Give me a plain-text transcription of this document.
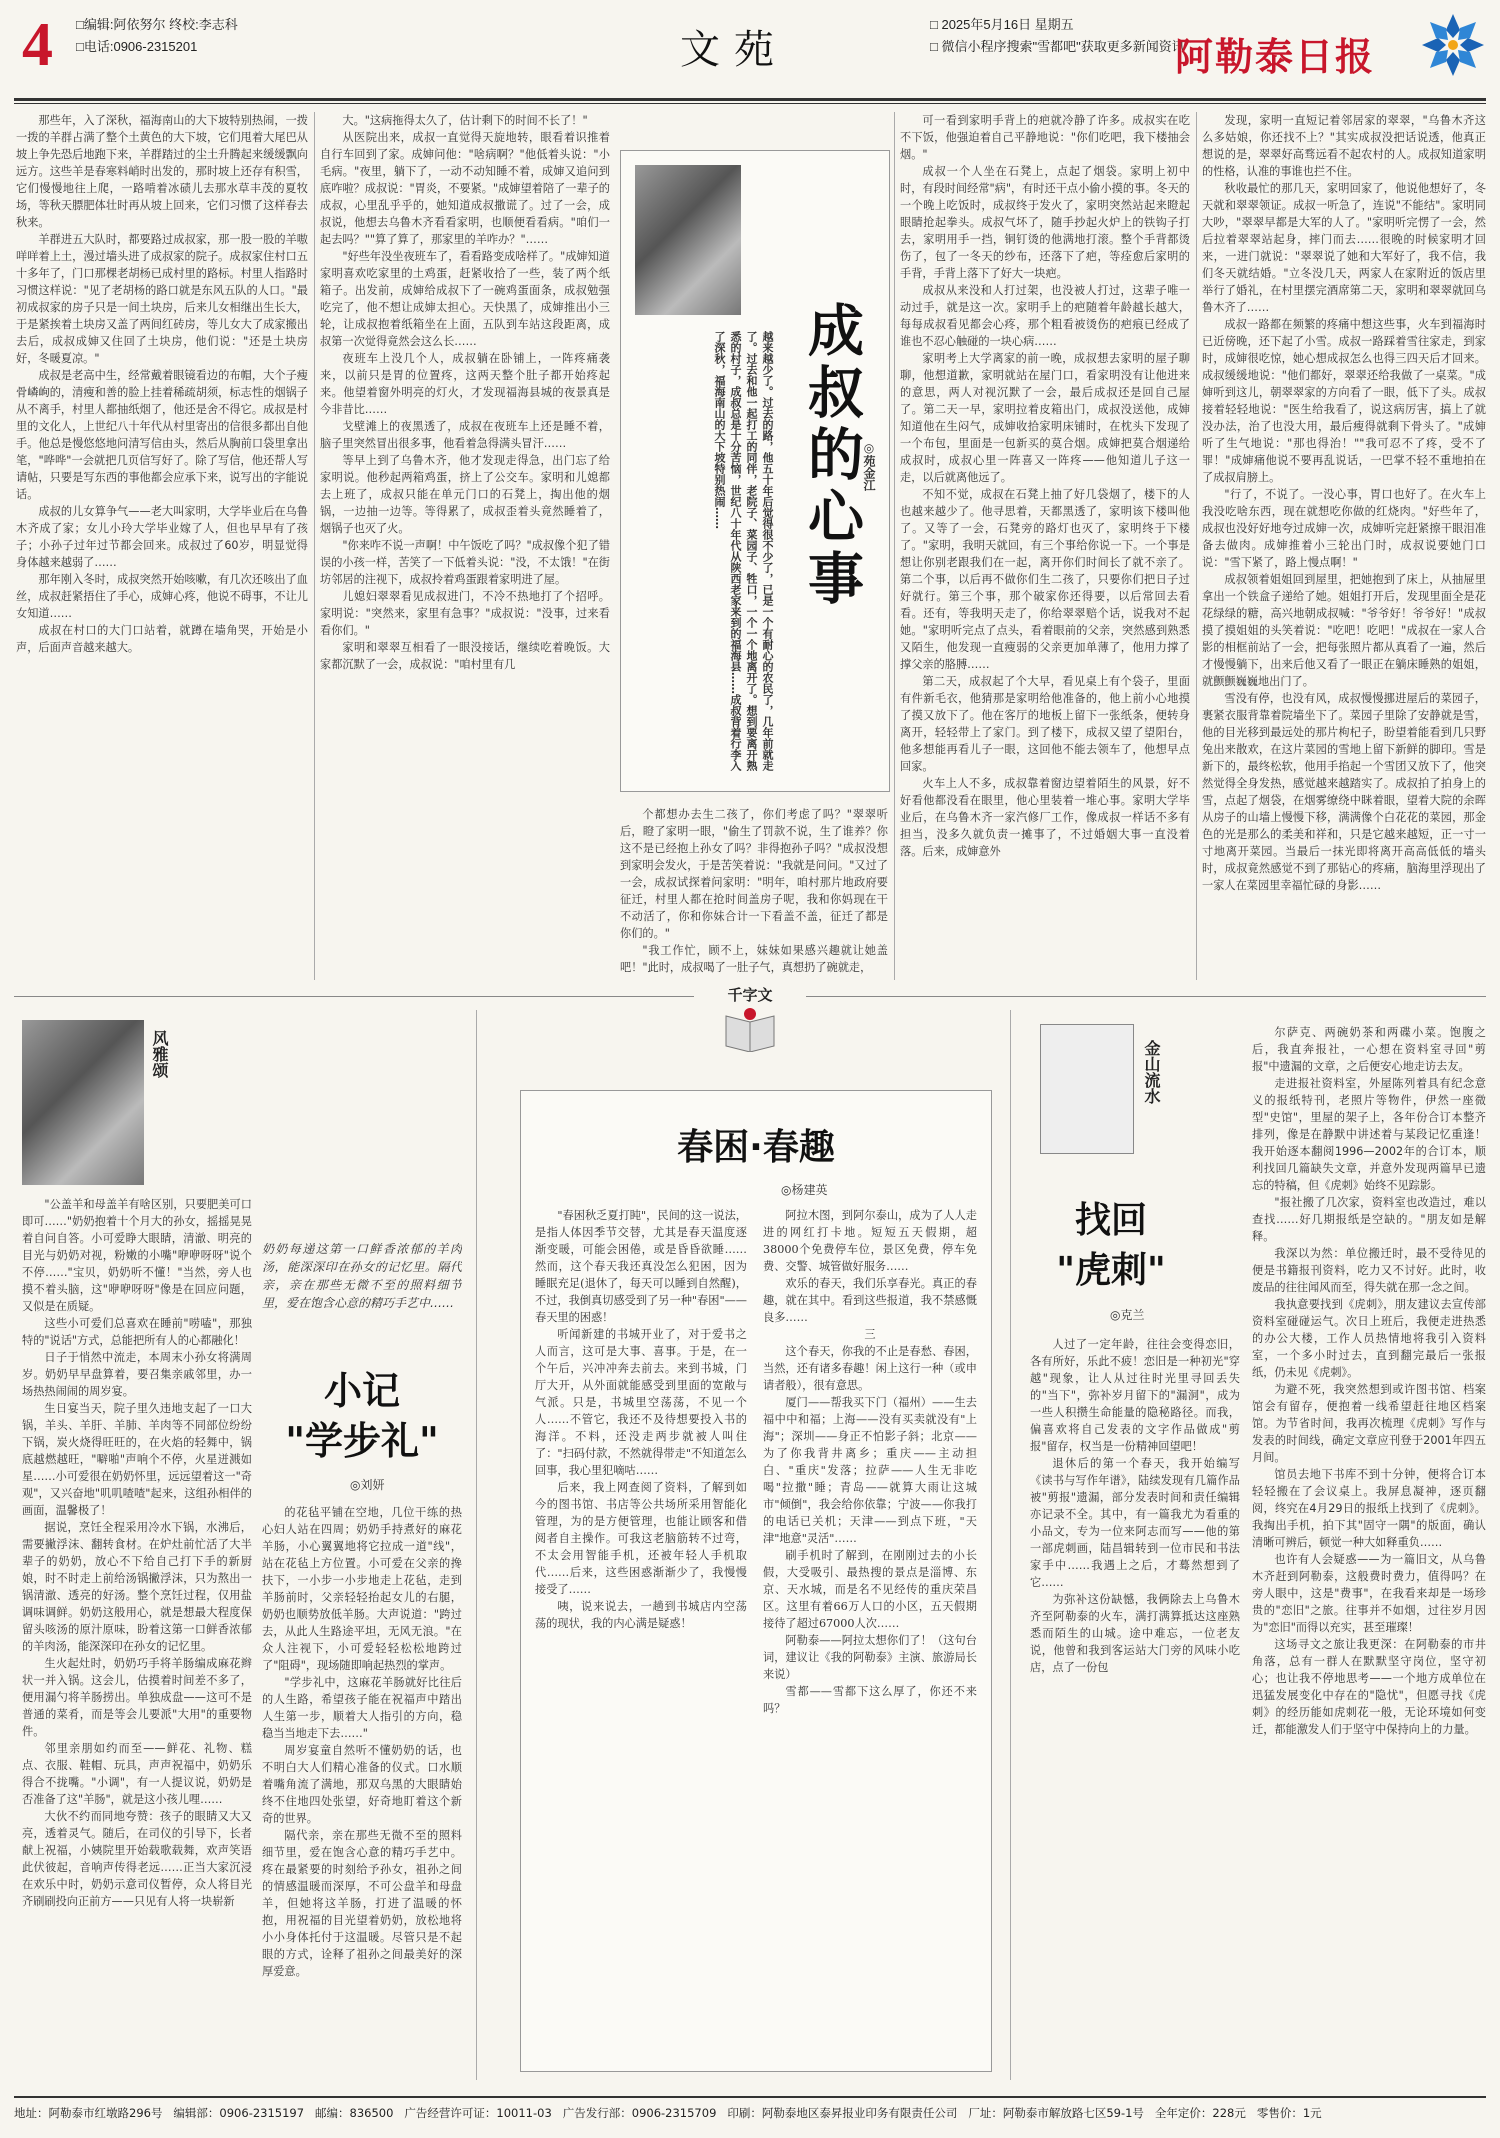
4 □编辑:阿依努尔 终校:李志科
□电话:0906-2315201	文苑
□ 2025年5月16日 星期五
□ 微信小程序搜索"雪都吧"获取更多新闻资讯
阿勒泰日报

那些年，入了深秋，福海南山的大下坡特别热闹，一拨一拨的羊群占满了整个土黄色的大下坡，它们甩着大尾巴从坡上争先恐后地跑下来，羊群踏过的尘土升腾起来缓缓飘向远方。这些羊是春寒料峭时出发的，那时坡上还存有积雪，它们慢慢地往上爬，一路啃着冰碛儿去那水草丰茂的夏牧场，等秋天膘肥体壮时再从坡上回来，它们习惯了这样春去秋来。

羊群进五大队时，都要路过成叔家，那一股一股的羊嗷咩咩着上土，漫过墙头进了成叔家的院子。成叔家住村口五十多年了，门口那棵老胡杨已成村里的路标。村里人指路时习惯这样说："见了老胡杨的路口就是东风五队的人口。"最初成叔家的房子只是一间土块房，后来儿女相继出生长大，于是紧挨着土块房又盖了两间红砖房，等儿女大了成家搬出去后，成叔成婶又住回了土块房，他们说："还是土块房好，冬暖夏凉。"

成叔是老高中生，经常戴着眼镜看边的布帽，大个子瘦骨嶙峋的，清瘦和善的脸上挂着稀疏胡须，标志性的烟锅子从不离手，村里人都抽纸烟了，他还是舍不得它。成叔是村里的文化人，上世纪八十年代从村里寄出的信很多都出自他手。他总是慢悠悠地问清写信由头，然后从胸前口袋里拿出笔，"哗哗"一会就把几页信写好了。除了写信，他还帮人写请帖，只要是写东西的事他都会应承下来，说写出的字能说话。

成叔的儿女算争气——老大叫家明，大学毕业后在乌鲁木齐成了家；女儿小玲大学毕业嫁了人，但也早早有了孩子；小孙子过年过节都会回来。成叔过了60岁，明显觉得身体越来越弱了……

那年刚入冬时，成叔突然开始咳嗽，有几次还咳出了血丝，成叔赶紧捂住了手心，成婶心疼，他说不碍事，不让儿女知道……

成叔在村口的大门口站着，就蹲在墙角哭，开始是小声，后面声音越来越大。

大。"这病拖得太久了，估计剩下的时间不长了！"

从医院出来，成叔一直觉得天旋地转，眼看着识推着自行车回到了家。成婶问他："啥病啊？"他低着头说："小毛病。"夜里，躺下了，一动不动知睡不着，成婶又追问到底咋啦？成叔说："胃炎，不要紧。"成婶望着陪了一辈子的成叔，心里乱乎乎的，她知道成叔撒谎了。过了一会，成叔说，他想去乌鲁木齐看看家明，也顺便看看病。"咱们一起去吗？""算了算了，那家里的羊咋办？"……

"好些年没坐夜班车了，看看路变成啥样了。"成婶知道家明喜欢吃家里的土鸡蛋，赶紧收拾了一些，装了两个纸箱子。出发前，成婶给成叔下了一碗鸡蛋面条，成叔勉强吃完了，他不想让成婶太担心。天快黑了，成婶推出小三轮，让成叔抱着纸箱坐在上面，五队到车站这段距离，成叔第一次觉得竟然会这么长……

夜班车上没几个人，成叔躺在卧铺上，一阵疼痛袭来，以前只是胃的位置疼，这两天整个肚子都开始疼起来。他望着窗外明亮的灯火，才发现福海县城的夜景真是今非昔比……

戈壁滩上的夜黑透了，成叔在夜班车上还是睡不着，脑子里突然冒出很多事，他看着急得满头冒汗……

等早上到了乌鲁木齐，他才发现走得急，出门忘了给家明说。他秒起两箱鸡蛋，挤上了公交车。家明和儿媳都去上班了，成叔只能在单元门口的石凳上，掏出他的烟锅，一边抽一边等。等得累了，成叔歪着头竟然睡着了，烟锅子也灭了火。

"你来咋不说一声啊！中午饭吃了吗？"成叔像个犯了错误的小孩一样，苦笑了一下低着头说："没，不太饿！"在街坊邻居的注视下，成叔拎着鸡蛋跟着家明进了屋。

儿媳妇翠翠看见成叔进门，不冷不热地打了个招呼。家明说："突然来，家里有急事？"成叔说："没事，过来看看你们。"

家明和翠翠互相看了一眼没接话，继续吃着晚饭。大家都沉默了一会，成叔说："咱村里有几

成叔的心事
◎苑金江
越来越少了。过去的路，他五十年后觉得很不少了，已是一个有耐心的农民了，几年前就走了。过去和他一起打工的同伴，老院子、菜园子、牲口，一个一个地离开了。想到要离开熟悉的村子，成叔总是十分苦恼，世纪八十年代从陕西老家来到的福海县……成叔背着行李入了深秋，福海南山的大下坡特别热闹……

个都想办去生二孩了，你们考虑了吗？"翠翠听后，瞪了家明一眼，"偷生了罚款不说，生了谁养？你这不是已经抱上孙女了吗？非得抱孙子吗？"成叔没想到家明会发火，于是苦笑着说："我就是问问。"又过了一会，成叔试探着问家明："明年，咱村那片地政府要征迁，村里人都在抢时间盖房子呢，我和你妈现在干不动活了，你和你妹合计一下看盖不盖，征迁了都是你们的。"

"我工作忙，顾不上，妹妹如果感兴趣就让她盖吧！"此时，成叔喝了一肚子气，真想扔了碗就走，

可一看到家明手背上的疤就冷静了许多。成叔实在吃不下饭，他强迫着自己平静地说："你们吃吧，我下楼抽会烟。"

成叔一个人坐在石凳上，点起了烟袋。家明上初中时，有段时间经常"病"，有时还干点小偷小摸的事。冬天的一个晚上吃饭时，成叔终于发火了，家明突然站起来瞪起眼睛抢起拳头。成叔气坏了，随手抄起火炉上的铁钩子打去，家明用手一挡，铜钉烫的他满地打滚。整个手背都烫伤了，包了一冬天的纱布，还落下了疤，等痊愈后家明的手背，手背上落下了好大一块疤。

成叔从来没和人打过架，也没被人打过，这辈子唯一动过手，就是这一次。家明手上的疤随着年龄越长越大，每每成叔看见都会心疼，那个粗看被烫伤的疤痕已经成了谁也不忍心触碰的一块心病……

家明考上大学离家的前一晚，成叔想去家明的屋子聊聊，他想道歉，家明就站在屋门口，看家明没有让他进来的意思，两人对视沉默了一会，最后成叔还是回自己屋了。第二天一早，家明拉着皮箱出门，成叔没送他，成婶知道他在生闷气，成婶收拾家明床铺时，在枕头下发现了一个布包，里面是一包新买的莫合烟。成婶把莫合烟递给成叔时，成叔心里一阵喜又一阵疼——他知道儿子这一走，以后就离他远了。

不知不觉，成叔在石凳上抽了好几袋烟了，楼下的人也越来越少了。他寻思着，天都黑透了，家明该下楼叫他了。又等了一会，石凳旁的路灯也灭了，家明终于下楼了。"家明，我明天就回，有三个事给你说一下。一个事是想让你别老跟我们在一起，离开你们时间长了就不亲了。第二个事，以后再不做你们生二孩了，只要你们把日子过好就行。第三个事，那个破家你还得要，以后常回去看看。还有，等我明天走了，你给翠翠赔个话，说我对不起她。"家明听完点了点头，看着眼前的父亲，突然感到熟悉又陌生，他发现一直瘦弱的父亲更加单薄了，他用力撑了撑父亲的胳膊……

第二天，成叔起了个大早，看见桌上有个袋子，里面有件新毛衣，他猜那是家明给他准备的，他上前小心地摸了摸又放下了。他在客厅的地板上留下一张纸条，便转身离开，轻轻带上了家门。到了楼下，成叔又望了望阳台，他多想能再看儿子一眼，这回他不能去领车了，他想早点回家。

火车上人不多，成叔靠着窗边望着陌生的风景，好不好看他都没看在眼里，他心里装着一堆心事。家明大学毕业后，在乌鲁木齐一家汽修厂工作，像成叔一样话不多有担当，没多久就负责一摊事了，不过婚姻大事一直没着落。后来，成婶意外

发现，家明一直短记着邻居家的翠翠，"乌鲁木齐这么多姑娘，你还找不上？"其实成叔没把话说透，他真正想说的是，翠翠好高骛远看不起农村的人。成叔知道家明的性格，认准的事谁也拦不住。

秋收最忙的那几天，家明回家了，他说他想好了，冬天就和翠翠领证。成叔一听急了，连说"不能结"。家明同大吵，"翠翠早都是大军的人了。"家明听完愣了一会，然后拉着翠翠站起身，摔门而去……很晚的时候家明才回来，一进门就说："翠翠说了她和大军好了，我不信，我们冬天就结婚。"立冬没几天，两家人在家附近的饭店里举行了婚礼，在村里摆完酒席第二天，家明和翠翠就回乌鲁木齐了……

成叔一路都在频繁的疼痛中想这些事，火车到福海时已近傍晚，还下起了小雪。成叔一路踩着雪往家走，到家时，成婶很吃惊，她心想成叔怎么也得三四天后才回来。成叔缓缓地说："他们都好，翠翠还给我做了一桌菜。"成婶听到这儿，朝翠翠家的方向看了一眼，低下了头。成叔接着轻轻地说："医生给我看了，说这病厉害，搞上了就没办法，治了也没大用，最后瘦得就剩下骨头了。"成婶听了生气地说："那也得治！""我可忍不了疼，受不了罪！"成婶痛他说不要再乱说话，一巴掌不轻不重地拍在了成叔肩膀上。

"行了，不说了。一没心事，胃口也好了。在火车上我没吃啥东西，现在就想吃你做的红烧肉。"好些年了，成叔也没好好地夸过成婶一次，成婶听完赶紧擦干眼泪准备去做肉。成婶推着小三轮出门时，成叔说要她门口说："雪下紧了，路上慢点啊！"

成叔领着姐姐回到屋里，把她抱到了床上，从抽屉里拿出一个铁盒子递给了她。姐姐打开后，发现里面全是花花绿绿的糖，高兴地朝成叔喊："爷爷好！爷爷好！"成叔摸了摸姐姐的头笑着说："吃吧！吃吧！"成叔在一家人合影的相框前站了一会，把每张照片都从真看了一遍，然后才慢慢躺下，出来后他又看了一眼正在躺床睡熟的姐姐，就颤颤巍巍地出门了。

雪没有停，也没有风，成叔慢慢挪进屋后的菜园子，裹紧衣服背靠着院墙坐下了。菜园子里除了安静就是雪，他的目光移到最远处的那片枸杞子，盼望着能看到几只野兔出来散欢，在这片菜园的雪地上留下新鲜的脚印。雪是新下的，最终松软，他用手掐起一个雪团又放下了，他突然觉得全身发热，感觉越来越踏实了。成叔拍了拍身上的雪，点起了烟袋，在烟雾缭绕中眯着眼，望着大院的余晖从房子的山墙上慢慢下移，满满像个白花花的菜园，那金色的光是那么的柔美和祥和，只是它越来越短，正一寸一寸地离开菜园。当最后一抹光即将离开高高低低的墙头时，成叔竟然感觉不到了那钻心的疼痛，脑海里浮现出了一家人在菜园里幸福忙碌的身影……

千字文
风雅颂

"公盖羊和母盖羊有啥区别，只要肥美可口即可……"奶奶抱着十个月大的孙女，摇摇晃晃着自问自答。小可爱睁大眼睛，清澈、明亮的目光与奶奶对视，粉嫩的小嘴"咿咿呀呀"说个不停……"宝贝，奶奶听不懂！"当然，旁人也摸不着头脑，这"咿咿呀呀"像是在回应问题，又似是在质疑。

这些小可爱们总喜欢在睡前"唠嗑"，那独特的"说话"方式，总能把所有人的心都融化！

日子于悄然中流走，本周末小孙女将满周岁。奶奶早早盘算着，要召集亲戚邻里，办一场热热闹闹的周岁宴。

生日宴当天，院子里久违地支起了一口大锅，羊头、羊肝、羊肺、羊肉等不同部位纷纷下锅，炭火烧得旺旺的，在火焰的轻舞中，锅底越燃越旺，"噼啪"声响个不停，火星迸溅如星……小可爱很在奶奶怀里，远远望着这一"奇观"，又兴奋地"叽叽喳喳"起来，这组孙相伴的画面，温馨极了！

据说，烹饪全程采用冷水下锅，水沸后，需要撇浮沫、翻转食材。在炉灶前忙活了大半辈子的奶奶，放心不下给自己打下手的新厨娘，时不时走上前给汤锅撇浮沫，只为熬出一锅清澈、透亮的好汤。整个烹饪过程，仅用盐调味调鲜。奶奶这般用心，就是想最大程度保留头咳汤的原汁原味，盼着这第一口鲜香浓郁的羊肉汤，能深深印在孙女的记忆里。

生火起灶时，奶奶巧手将羊肠编成麻花辫状一并入锅。这会儿，估摸着时间差不多了，便用漏勺将羊肠捞出。单独成盘——这可不是普通的菜肴，而是等会儿要派"大用"的重要物件。

邻里亲朋如约而至——鲜花、礼物、糕点、衣服、鞋帽、玩具，声声祝福中，奶奶乐得合不拢嘴。"小调"，有一人提议说，奶奶是否准备了这"羊肠"，就是这小孩儿哩……

大伙不约而同地夸赞：孩子的眼睛又大又亮，透着灵气。随后，在司仪的引导下，长者献上祝福，小姨院里开始载歌载舞，欢声笑语此伏彼起，音响声传得老远……正当大家沉浸在欢乐中时，奶奶示意司仪暂停，众人将目光齐刷刷投向正前方——只见有人将一块崭新

奶奶每递这第一口鲜香浓郁的羊肉汤，能深深印在孙女的记忆里。隔代亲，亲在那些无微不至的照料细节里，爱在饱含心意的精巧手艺中……
小记
"学步礼"
◎刘妍

的花毡平铺在空地，几位干练的热心妇人站在四周；奶奶手持煮好的麻花羊肠，小心翼翼地将它拉成一道"线"，站在花毡上方位置。小可爱在父亲的搀扶下，一小步一小步地走上花毡，走到羊肠前时，父亲轻轻抬起女儿的右腿，奶奶也顺势放低羊肠。大声说道："跨过去，从此人生路途平坦，无风无浪。"在众人注视下，小可爱轻轻松松地跨过了"阻碍"，现场随即响起热烈的掌声。

"学步礼中，这麻花羊肠就好比往后的人生路，希望孩子能在祝福声中踏出人生第一步，顺着大人指引的方向，稳稳当当地走下去……"

周岁宴童自然听不懂奶奶的话，也不明白大人们精心准备的仪式。口水顺着嘴角流了满地，那双乌黑的大眼睛始终不住地四处张望，好奇地盯着这个新奇的世界。

隔代亲，亲在那些无微不至的照料细节里，爱在饱含心意的精巧手艺中。疼在最紧要的时刻给予孙女，祖孙之间的情感温暖而深厚，不可公盘羊和母盘羊，但她将这羊肠，打进了温暖的怀抱，用祝福的目光望着奶奶，放松地将小小身体托付于这温暖。尽管只是不起眼的方式，诠释了祖孙之间最美好的深厚爱意。

春困·春趣
◎杨建英

"春困秋乏夏打盹"，民间的这一说法，是指人体因季节交替，尤其是春天温度逐渐变暖，可能会困倦，或是昏昏欲睡……然而，这个春天我还真没怎么犯困，因为睡眠充足(退休了，每天可以睡到自然醒)，不过，我倒真切感受到了另一种"春困"——春天里的困惑！

听闻新建的书城开业了，对于爱书之人而言，这可是大事、喜事。于是，在一个午后，兴冲冲奔去前去。来到书城，门厅大开，从外面就能感受到里面的宽敞与气派。只是，书城里空荡荡，不见一个人……不管它，我还不及待想要投入书的海洋。不料，还没走两步就被人叫住了："扫码付款，不然就得带走"不知道怎么回事，我心里犯嘀咕……

后来，我上网查阅了资料，了解到如今的图书馆、书店等公共场所采用智能化管理，为的是方便管理，也能让顾客和借阅者自主操作。可我这老脑筋转不过弯，不太会用智能手机，还被年轻人手机取代……后来，这些困惑渐渐少了，我慢慢接受了……

咦，说来说去，一趟到书城店内空荡荡的现状，我的内心满是疑惑！

阿拉木图，到阿尔泰山，成为了人人走进的网红打卡地。短短五天假期，超38000个免费停车位，景区免费，停车免费、交警、城管做好服务……

欢乐的春天，我们乐享春光。真正的春趣，就在其中。看到这些报道，我不禁感慨良多……

三

这个春天，你我的不止是春愁、春困，当然，还有诸多春趣！闲上这行一种（或申请者般），很有意思。

厦门——帮我买下门（福州）——生去福中中和福；上海——没有买卖就没有"上海"；深圳——身正不怕影子斜；北京——为了你我背井离乡；重庆——主动担白、"重庆"发落；拉萨——人生无非吃喝"拉撒"睡；青岛——就算大雨让这城市"倾倒"，我会给你依靠；宁波——你我打的电话已关机；天津——到点下班，"天津"地意"灵活"……

刷手机时了解到，在刚刚过去的小长假，大受吸引、最热搜的景点是淄博、东京、天水城，而是名不见经传的重庆荣昌区。这里有着66万人口的小区，五天假期接待了超过67000人次……

阿勒泰——阿拉太想你们了！（这句台词，建议让《我的阿勒泰》主演、旅游局长来说）

雪都——雪都下这么厚了，你还不来吗？

金山流水
找回
"虎刺"
◎克兰

人过了一定年龄，往往会变得恋旧，各有所好，乐此不疲！恋旧是一种初光"穿越"现象，让人从过往时光里寻回丢失的"当下"，弥补岁月留下的"漏洞"，成为一些人积攒生命能量的隐秘路径。而我，偏喜欢将自己发表的文字作品做成"剪报"留存，权当是一份精神回望吧！

退休后的第一个春天，我开始编写《读书与写作年谱》，陆续发现有几篇作品被"剪报"遗漏，部分发表时间和责任编辑亦记录不全。其中，有一篇我尤为看重的小品文，专为一位来阿志而写——他的第一部虎刺画，陆昌辑转到一位市民和书法家手中……我遇上之后，才蓦然想到了它……

为弥补这份缺憾，我俩除去上乌鲁木齐至阿勒泰的火车，满打满算抵达这座熟悉而陌生的山城。途中难忘，一位老友说，他曾和我到客运站大门旁的风味小吃店，点了一份包

尔萨克、两碗奶茶和两碟小菜。饱腹之后，我直奔报社，一心想在资料室寻回"剪报"中遗漏的文章，之后便安心地走访去友。

走进报社资料室，外屋陈列着具有纪念意义的报纸特刊，老照片等物件，伊然一座微型"史馆"，里屋的架子上，各年份合订本整齐排列，像是在静默中讲述着与某段记忆重逢！我开始逐本翻阅1996—2002年的合订本，顺利找回几篇缺失文章，并意外发现两篇早已遗忘的特稿，但《虎刺》始终不见踪影。

"报社搬了几次家，资料室也改造过，难以查找……好几期报纸是空缺的。"朋友如是解释。

我深以为然：单位搬迁时，最不受待见的便是书籍报刊资料，吃力又不讨好。此时，收废品的往往闻风而至，得失就在那一念之间。

我执意要找到《虎刺》，朋友建议去宣传部资料室碰碰运气。次日上班后，我便走进热悉的办公大楼，工作人员热情地将我引入资料室，一个多小时过去，直到翻完最后一张报纸，仍未见《虎刺》。

为避不死，我突然想到或许图书馆、档案馆会有留存，便抱着一线希望赶往地区档案馆。为节省时间，我再次梳理《虎刺》写作与发表的时间线，确定文章应刊登于2001年四五月间。

馆员去地下书库不到十分钟，便将合订本轻轻搬在了会议桌上。我屏息凝神，逐页翻阅，终究在4月29日的报纸上找到了《虎刺》。我掏出手机，拍下其"固守一隅"的版面，确认清晰可辨后，顿觉一种大如释重负……

也许有人会疑惑——为一篇旧文，从乌鲁木齐赶到阿勒泰，这般费时费力，值得吗？在旁人眼中，这是"费事"，在我看来却是一场珍贵的"恋旧"之旅。往事并不如烟，过往岁月因为"恋旧"而得以充实，甚至璀璨！

这场寻文之旅让我更深：在阿勒泰的市井角落，总有一群人在默默坚守岗位，坚守初心；也让我不停地思考——一个地方成单位在迅猛发展变化中存在的"隐忧"，但愿寻找《虎刺》的经历能如虎刺花一般，无论环境如何变迁，都能激发人们于坚守中保持向上的力量。

地址：阿勒泰市红墩路296号 编辑部：0906-2315197 邮编：836500 广告经营许可证：10011-03 广告发行部：0906-2315709 印刷：阿勒泰地区泰昇报业印务有限责任公司 厂址：阿勒泰市解放路七区59-1号 全年定价：228元 零售价：1元
